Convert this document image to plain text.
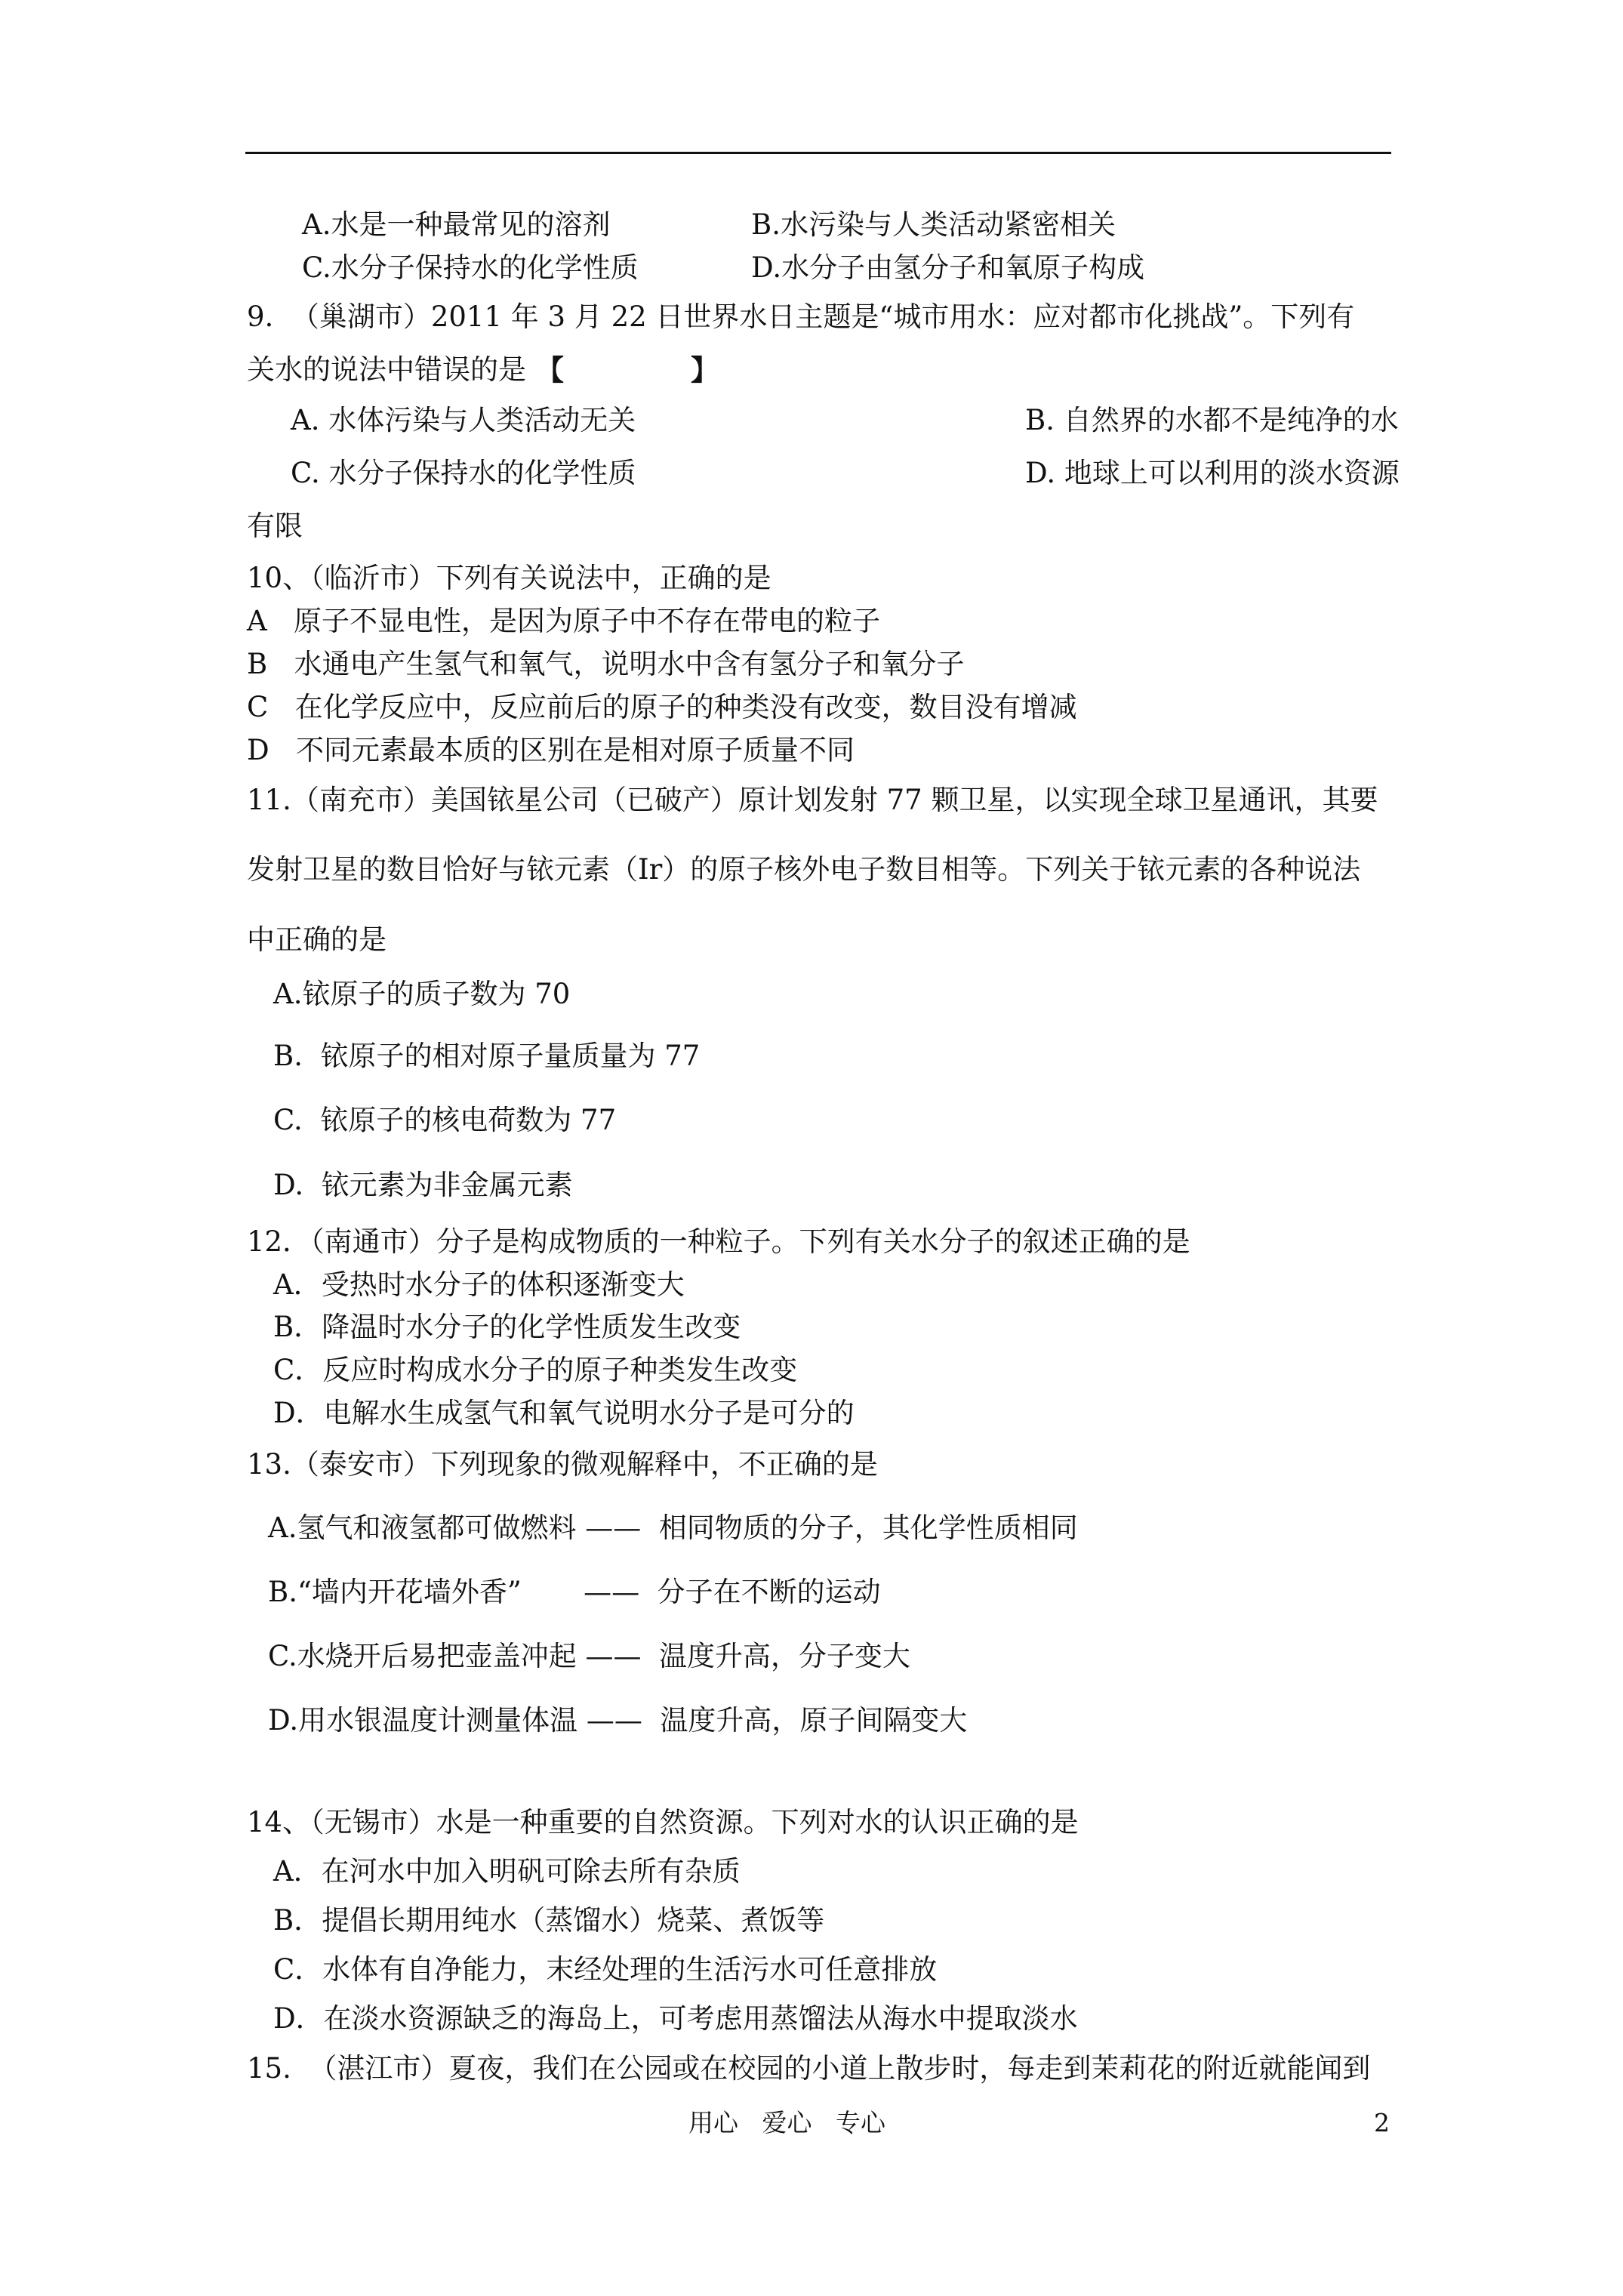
A.水是一种最常见的溶剂	B.水污染与人类活动紧密相关
C.水分子保持水的化学性质	D.水分子由氢分子和氧原子构成
9.  （巢湖市）2011 年 3 月 22 日世界水日主题是“城市用水：应对都市化挑战”。下列有
关水的说法中错误的是 【	】
A. 水体污染与人类活动无关	B. 自然界的水都不是纯净的水
C. 水分子保持水的化学性质	D. 地球上可以利用的淡水资源
有限
10、（临沂市）下列有关说法中，正确的是
A   原子不显电性，是因为原子中不存在带电的粒子
B   水通电产生氢气和氧气，说明水中含有氢分子和氧分子
C   在化学反应中，反应前后的原子的种类没有改变，数目没有增减
D   不同元素最本质的区别在是相对原子质量不同
11.（南充市）美国铱星公司（已破产）原计划发射 77 颗卫星，以实现全球卫星通讯，其要
发射卫星的数目恰好与铱元素（Ir）的原子核外电子数目相等。下列关于铱元素的各种说法
中正确的是
A.铱原子的质子数为 70
B.  铱原子的相对原子量质量为 77
C.  铱原子的核电荷数为 77
D.  铱元素为非金属元素
12．（南通市）分子是构成物质的一种粒子。下列有关水分子的叙述正确的是
A．受热时水分子的体积逐渐变大
B．降温时水分子的化学性质发生改变
C．反应时构成水分子的原子种类发生改变
D．电解水生成氢气和氧气说明水分子是可分的
13.（泰安市）下列现象的微观解释中，不正确的是
A.氢气和液氢都可做燃料 ——  相同物质的分子，其化学性质相同
B.“墙内开花墙外香”       ——  分子在不断的运动
C.水烧开后易把壶盖冲起 ——  温度升高，分子变大
D.用水银温度计测量体温 ——  温度升高，原子间隔变大
14、（无锡市）水是一种重要的自然资源。下列对水的认识正确的是
A．在河水中加入明矾可除去所有杂质
B．提倡长期用纯水（蒸馏水）烧菜、煮饭等
C．水体有自净能力，末经处理的生活污水可任意排放
D．在淡水资源缺乏的海岛上，可考虑用蒸馏法从海水中提取淡水
15.  （湛江市）夏夜，我们在公园或在校园的小道上散步时，每走到茉莉花的附近就能闻到
用心   爱心   专心	2
